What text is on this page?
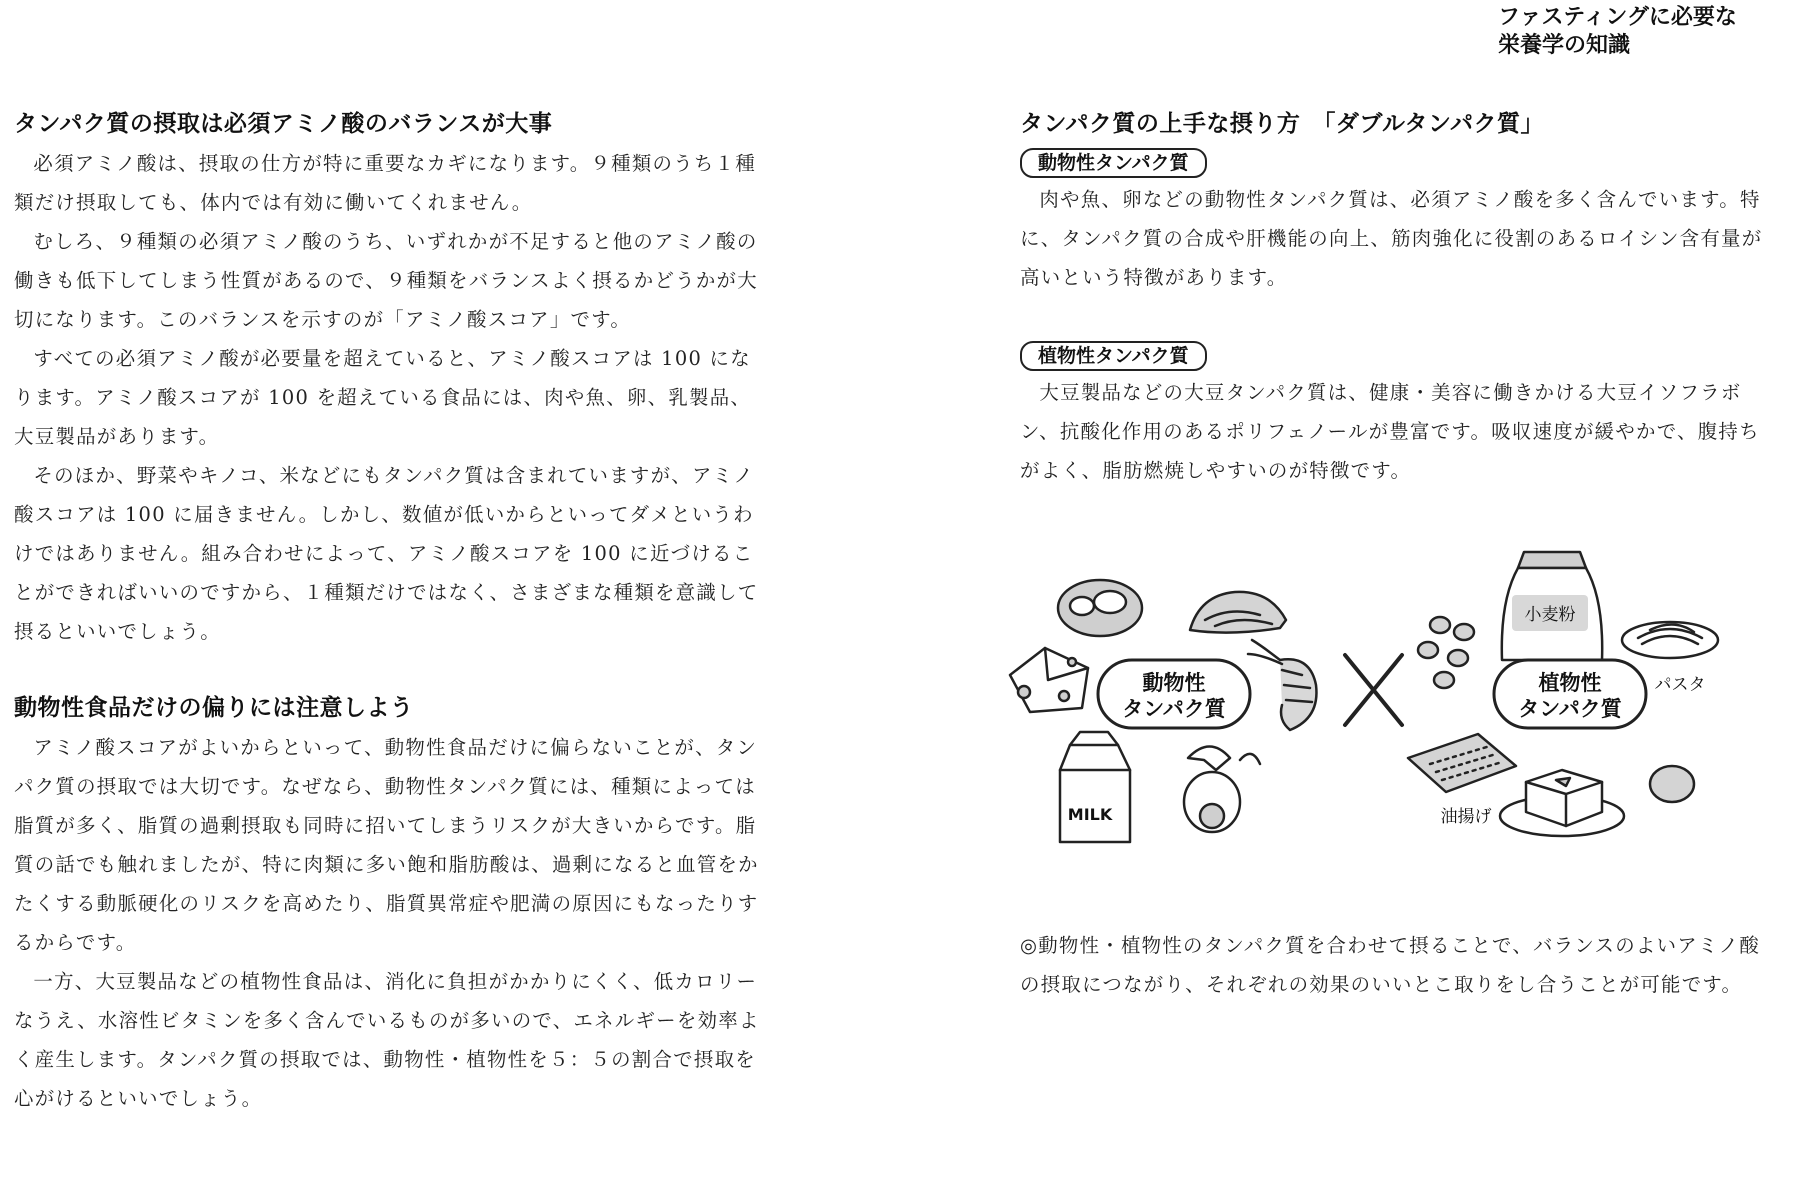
ファスティングに必要な
栄養学の知識
タンパク質の摂取は必須アミノ酸のバランスが大事

必須アミノ酸は、摂取の仕方が特に重要なカギになります。９種類のうち１種類だけ摂取しても、体内では有効に働いてくれません。

むしろ、９種類の必須アミノ酸のうち、いずれかが不足すると他のアミノ酸の働きも低下してしまう性質があるので、９種類をバランスよく摂るかどうかが大切になります。このバランスを示すのが「アミノ酸スコア」です。

すべての必須アミノ酸が必要量を超えていると、アミノ酸スコアは 100 になります。アミノ酸スコアが 100 を超えている食品には、肉や魚、卵、乳製品、大豆製品があります。

そのほか、野菜やキノコ、米などにもタンパク質は含まれていますが、アミノ酸スコアは 100 に届きません。しかし、数値が低いからといってダメというわけではありません。組み合わせによって、アミノ酸スコアを 100 に近づけることができればいいのですから、１種類だけではなく、さまざまな種類を意識して摂るといいでしょう。

動物性食品だけの偏りには注意しよう

アミノ酸スコアがよいからといって、動物性食品だけに偏らないことが、タンパク質の摂取では大切です。なぜなら、動物性タンパク質には、種類によっては脂質が多く、脂質の過剰摂取も同時に招いてしまうリスクが大きいからです。脂質の話でも触れましたが、特に肉類に多い飽和脂肪酸は、過剰になると血管をかたくする動脈硬化のリスクを高めたり、脂質異常症や肥満の原因にもなったりするからです。

一方、大豆製品などの植物性食品は、消化に負担がかかりにくく、低カロリーなうえ、水溶性ビタミンを多く含んでいるものが多いので、エネルギーを効率よく産生します。タンパク質の摂取では、動物性・植物性を５：５の割合で摂取を心がけるといいでしょう。

タンパク質の上手な摂り方　「ダブルタンパク質」
動物性タンパク質

肉や魚、卵などの動物性タンパク質は、必須アミノ酸を多く含んでいます。特に、タンパク質の合成や肝機能の向上、筋肉強化に役割のあるロイシン含有量が高いという特徴があります。

植物性タンパク質

大豆製品などの大豆タンパク質は、健康・美容に働きかける大豆イソフラボン、抗酸化作用のあるポリフェノールが豊富です。吸収速度が緩やかで、腹持ちがよく、脂肪燃焼しやすいのが特徴です。

動物性
タンパク質
MILK
小麦粉
パスタ
植物性
タンパク質
油揚げ

◎動物性・植物性のタンパク質を合わせて摂ることで、バランスのよいアミノ酸の摂取につながり、それぞれの効果のいいとこ取りをし合うことが可能です。
